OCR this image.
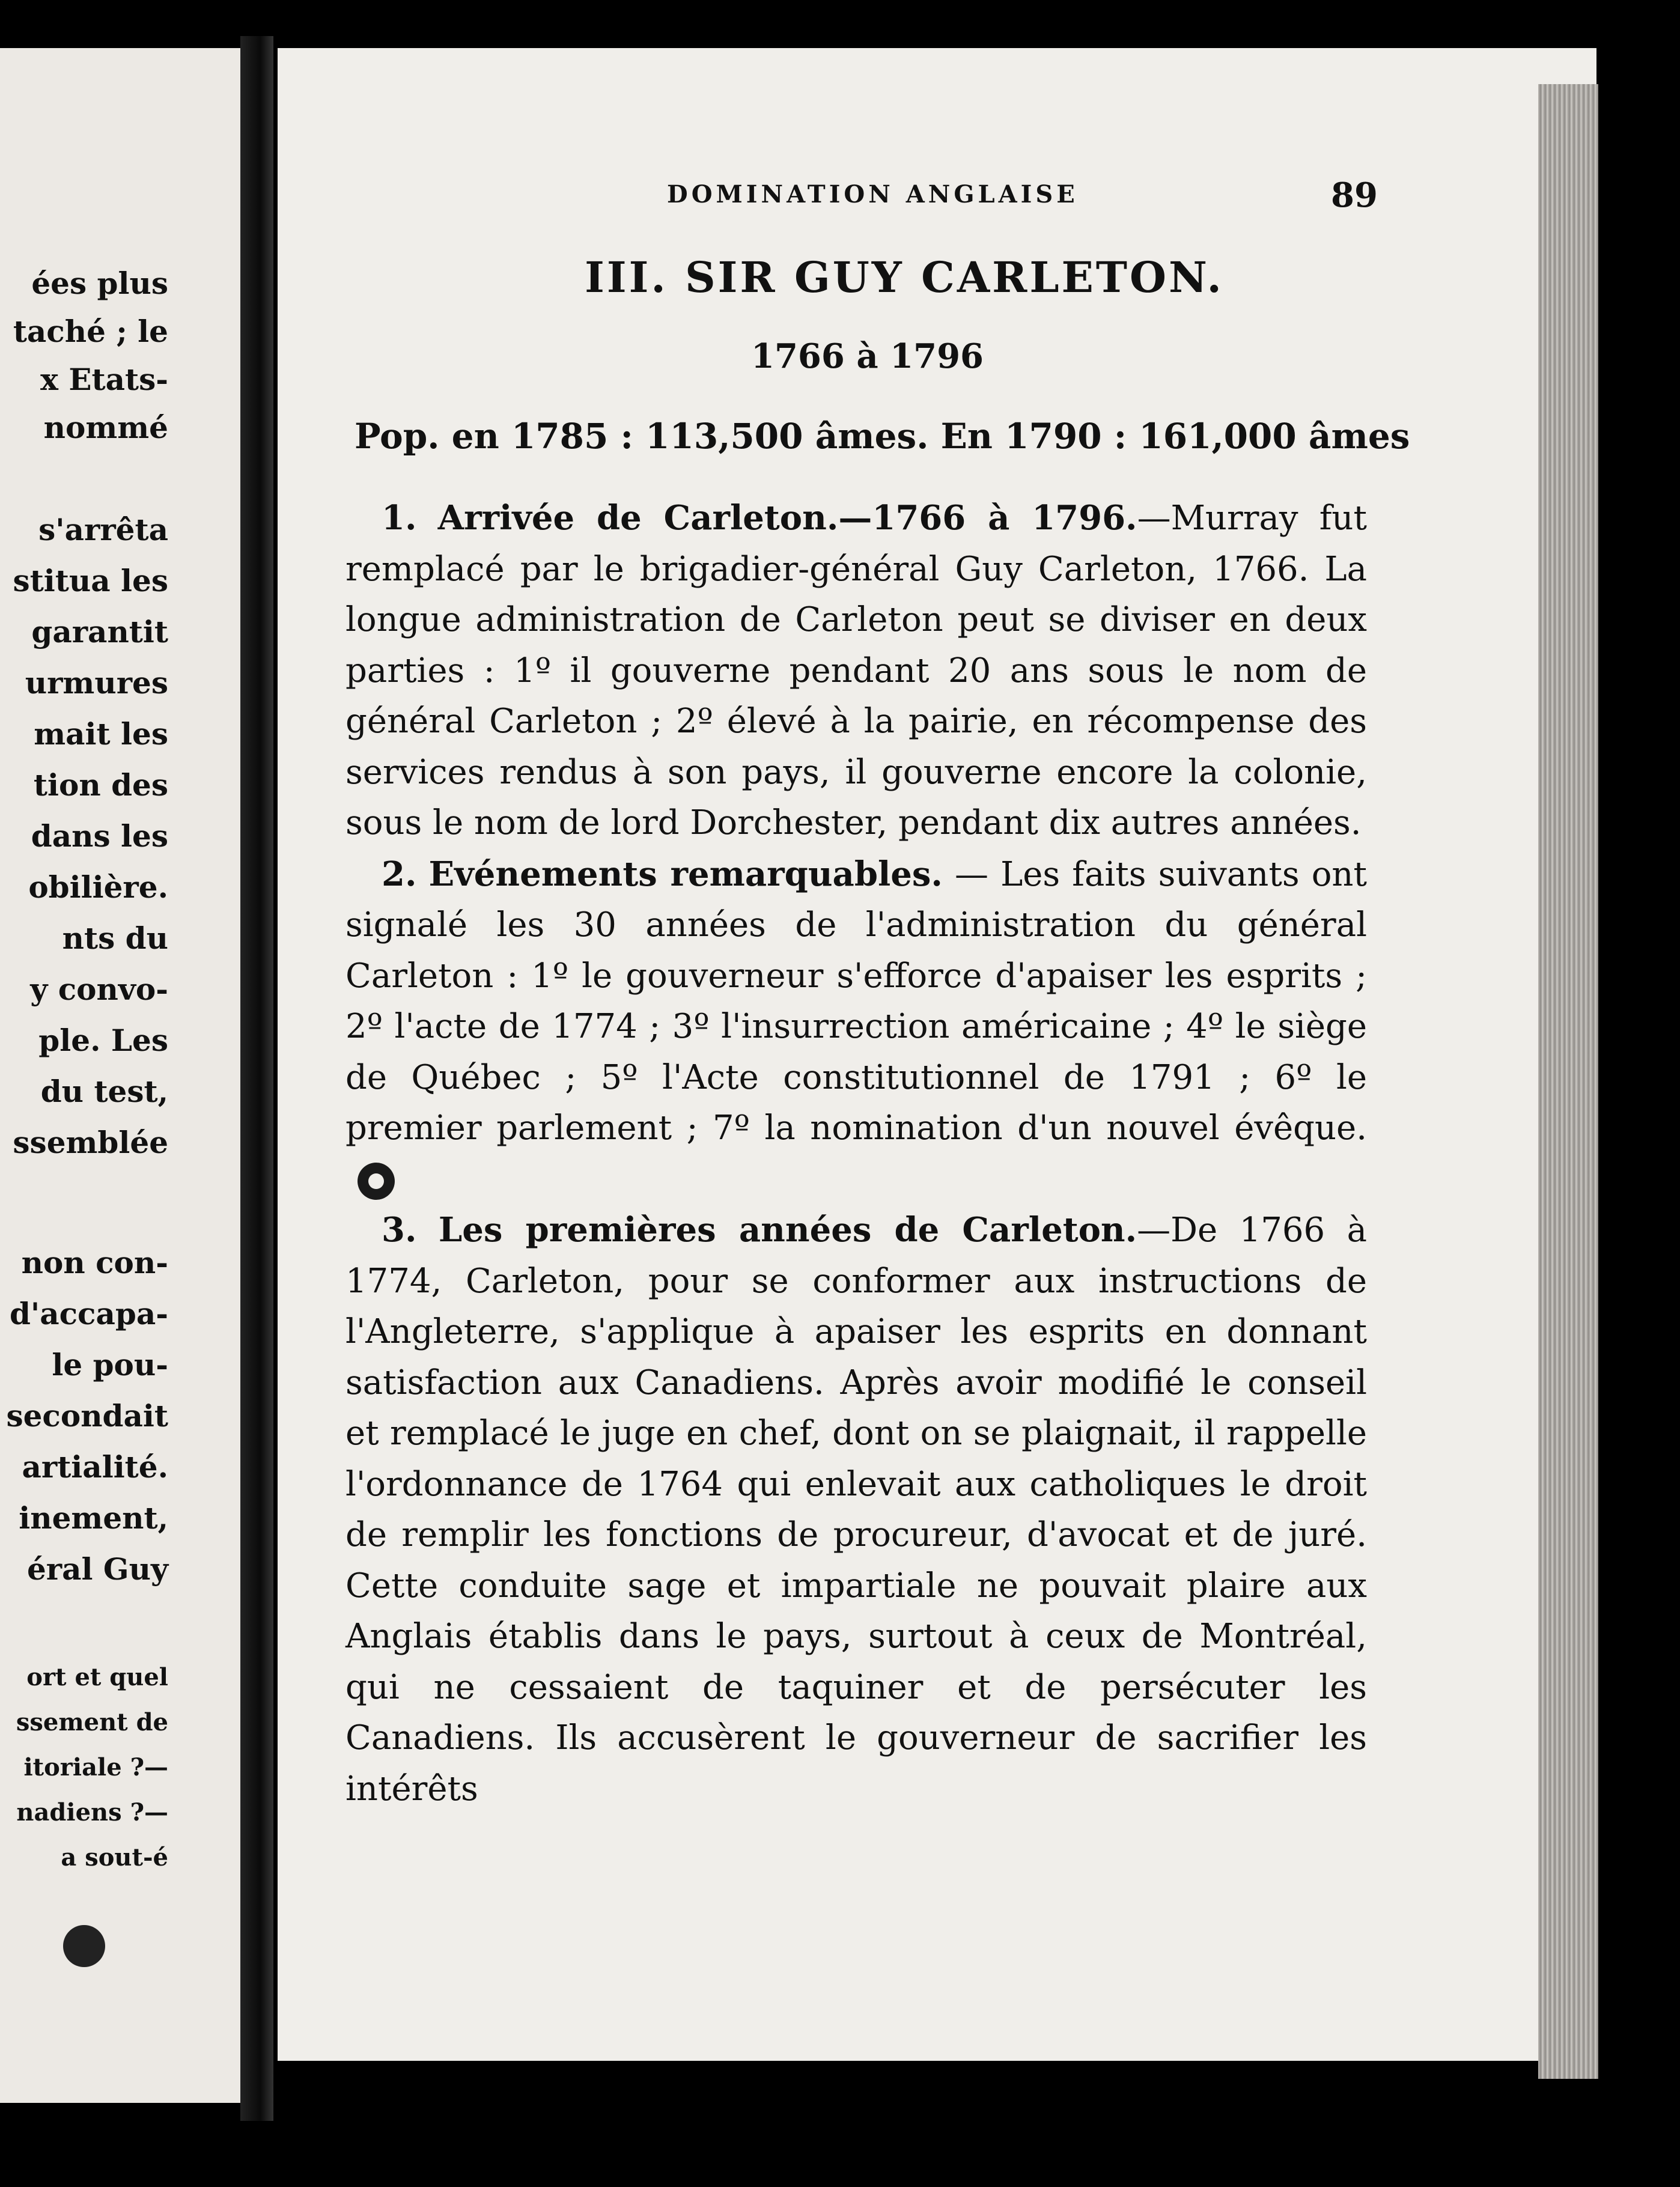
ées plus
taché ; le
x Etats-
nommé
s'arrêta
stitua les
garantit
urmures
mait les
tion des
dans les
obilière.
nts du
y convo-
ple. Les
du test,
ssemblée
non con-
d'accapa-
le pou-
secondait
artialité.
inement,
éral Guy
ort et quel
ssement de
itoriale ?—
nadiens ?—
a sout-é
DOMINATION ANGLAISE	89
III. SIR GUY CARLETON.
1766 à 1796
Pop. en 1785 : 113,500 âmes. En 1790 : 161,000 âmes

1. Arrivée de Carleton.—1766 à 1796.—Murray fut remplacé par le brigadier-général Guy Carleton, 1766. La longue administration de Carleton peut se diviser en deux parties : 1º il gouverne pendant 20 ans sous le nom de général Carleton ; 2º élevé à la pairie, en récompense des services rendus à son pays, il gouverne encore la colonie, sous le nom de lord Dorchester, pendant dix autres années.

2. Evénements remarquables. — Les faits suivants ont signalé les 30 années de l'administration du général Carleton : 1º le gouverneur s'efforce d'apaiser les esprits ; 2º l'acte de 1774 ; 3º l'insurrection américaine ; 4º le siège de Québec ; 5º l'Acte constitutionnel de 1791 ; 6º le premier parlement ; 7º la nomination d'un nouvel évêque.

3. Les premières années de Carleton.—De 1766 à 1774, Carleton, pour se conformer aux instructions de l'Angleterre, s'applique à apaiser les esprits en donnant satisfaction aux Canadiens. Après avoir modifié le conseil et remplacé le juge en chef, dont on se plaignait, il rappelle l'ordonnance de 1764 qui enlevait aux catholiques le droit de remplir les fonctions de procureur, d'avocat et de juré. Cette conduite sage et impartiale ne pouvait plaire aux Anglais établis dans le pays, surtout à ceux de Montréal, qui ne cessaient de taquiner et de persécuter les Canadiens. Ils accusèrent le gouverneur de sacrifier les intérêts
